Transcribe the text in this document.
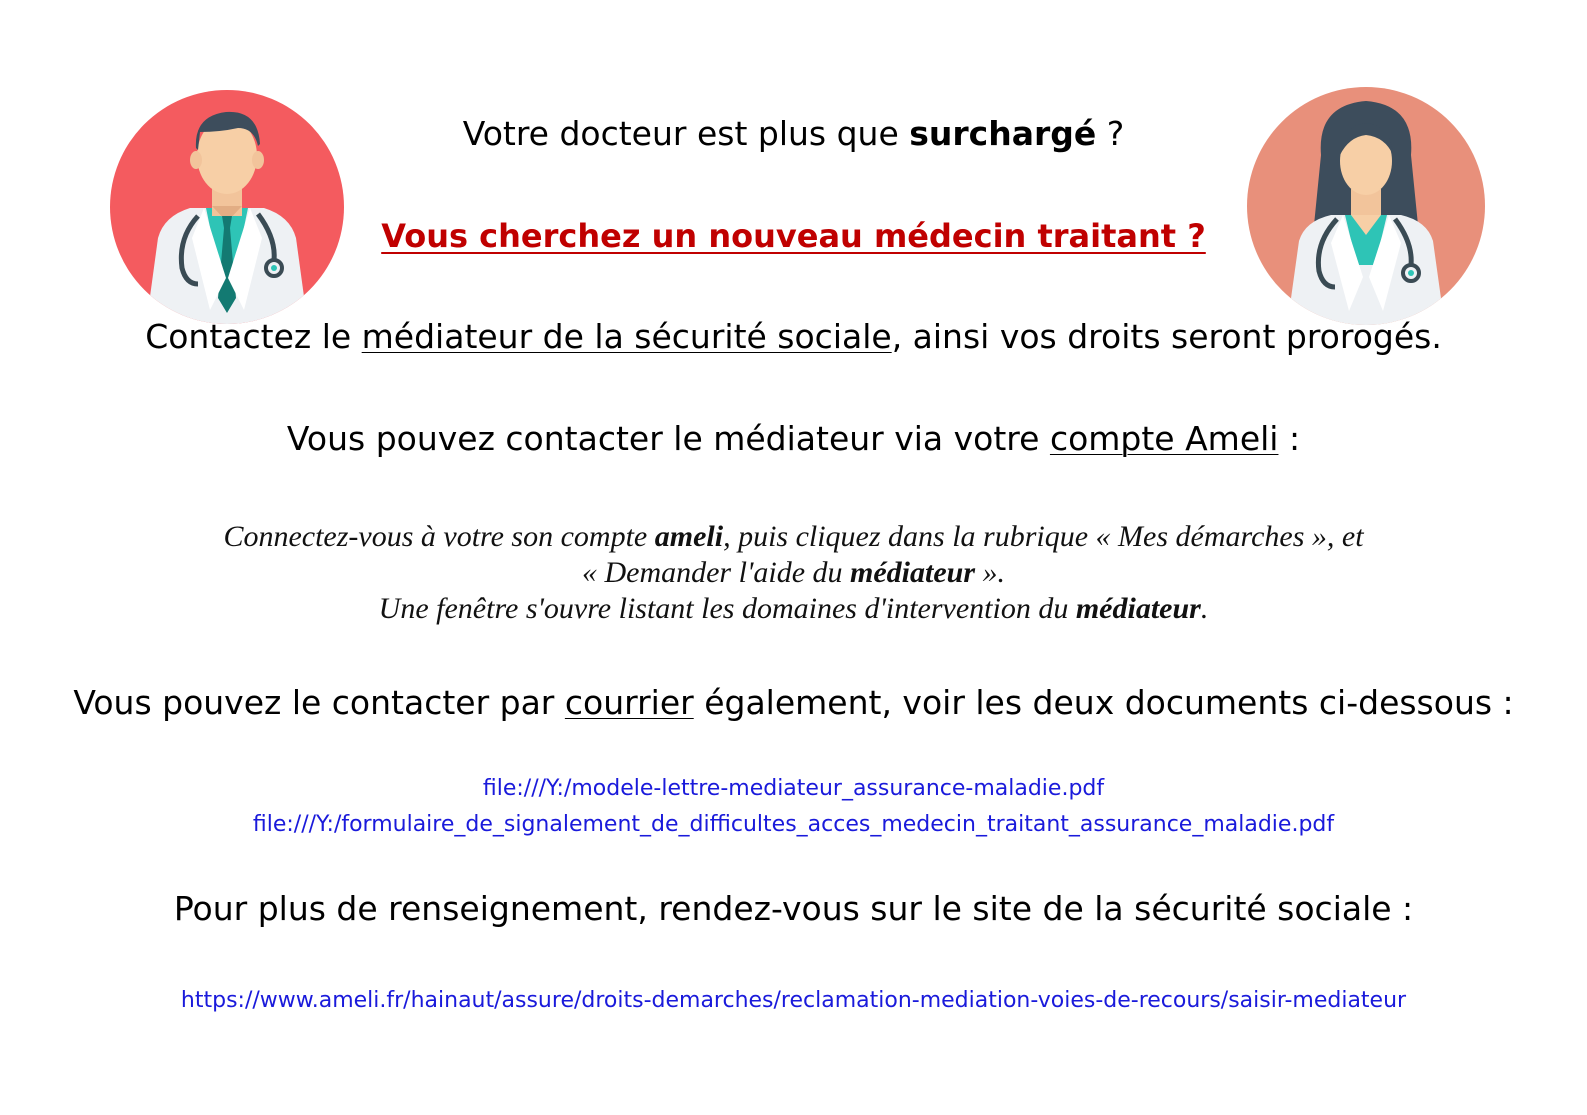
Votre docteur est plus que surchargé ?
Vous cherchez un nouveau médecin traitant ?
Contactez le médiateur de la sécurité sociale, ainsi vos droits seront prorogés.
Vous pouvez contacter le médiateur via votre compte Ameli :
Connectez-vous à votre son compte ameli, puis cliquez dans la rubrique « Mes démarches », et
« Demander l'aide du médiateur ».
Une fenêtre s'ouvre listant les domaines d'intervention du médiateur.
Vous pouvez le contacter par courrier également, voir les deux documents ci-dessous :
file:///Y:/modele-lettre-mediateur_assurance-maladie.pdf
file:///Y:/formulaire_de_signalement_de_difficultes_acces_medecin_traitant_assurance_maladie.pdf
Pour plus de renseignement, rendez-vous sur le site de la sécurité sociale :
https://www.ameli.fr/hainaut/assure/droits-demarches/reclamation-mediation-voies-de-recours/saisir-mediateur
